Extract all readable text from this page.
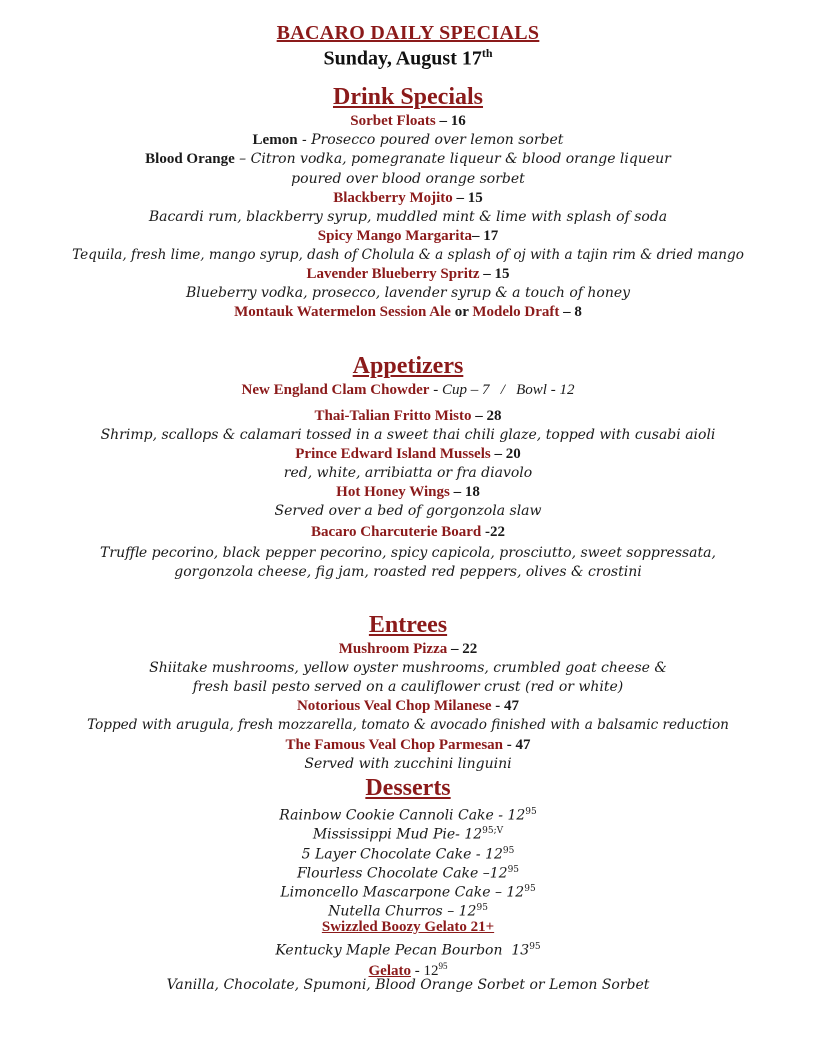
BACARO DAILY SPECIALS
Sunday, August 17th
Drink Specials
Sorbet Floats – 16
Lemon - Prosecco poured over lemon sorbet
Blood Orange – Citron vodka, pomegranate liqueur & blood orange liqueur
poured over blood orange sorbet
Blackberry Mojito – 15
Bacardi rum, blackberry syrup, muddled mint & lime with splash of soda
Spicy Mango Margarita– 17
Tequila, fresh lime, mango syrup, dash of Cholula & a splash of oj with a tajin rim & dried mango
Lavender Blueberry Spritz – 15
Blueberry vodka, prosecco, lavender syrup & a touch of honey
Montauk Watermelon Session Ale or Modelo Draft – 8
Appetizers
New England Clam Chowder - Cup – 7   /   Bowl - 12
Thai-Talian Fritto Misto – 28
Shrimp, scallops & calamari tossed in a sweet thai chili glaze, topped with cusabi aioli
Prince Edward Island Mussels – 20
red, white, arribiatta or fra diavolo
Hot Honey Wings – 18
Served over a bed of gorgonzola slaw
Bacaro Charcuterie Board -22
Truffle pecorino, black pepper pecorino, spicy capicola, prosciutto, sweet soppressata,
gorgonzola cheese, fig jam, roasted red peppers, olives & crostini
Entrees
Mushroom Pizza – 22
Shiitake mushrooms, yellow oyster mushrooms, crumbled goat cheese &
fresh basil pesto served on a cauliflower crust (red or white)
Notorious Veal Chop Milanese - 47
Topped with arugula, fresh mozzarella, tomato & avocado finished with a balsamic reduction
The Famous Veal Chop Parmesan - 47
Served with zucchini linguini
Desserts
Rainbow Cookie Cannoli Cake - $12^{95}$
Mississippi Mud Pie- $12^{95;V}$
5 Layer Chocolate Cake - $12^{95}$
Flourless Chocolate Cake $-12^{95}$
Limoncello Mascarpone Cake – $12^{95}$
Nutella Churros – $12^{95}$
Swizzled Boozy Gelato 21+
Kentucky Maple Pecan Bourbon  $13^{95}$
Gelato - $12^{95}$
Vanilla, Chocolate, Spumoni, Blood Orange Sorbet or Lemon Sorbet
